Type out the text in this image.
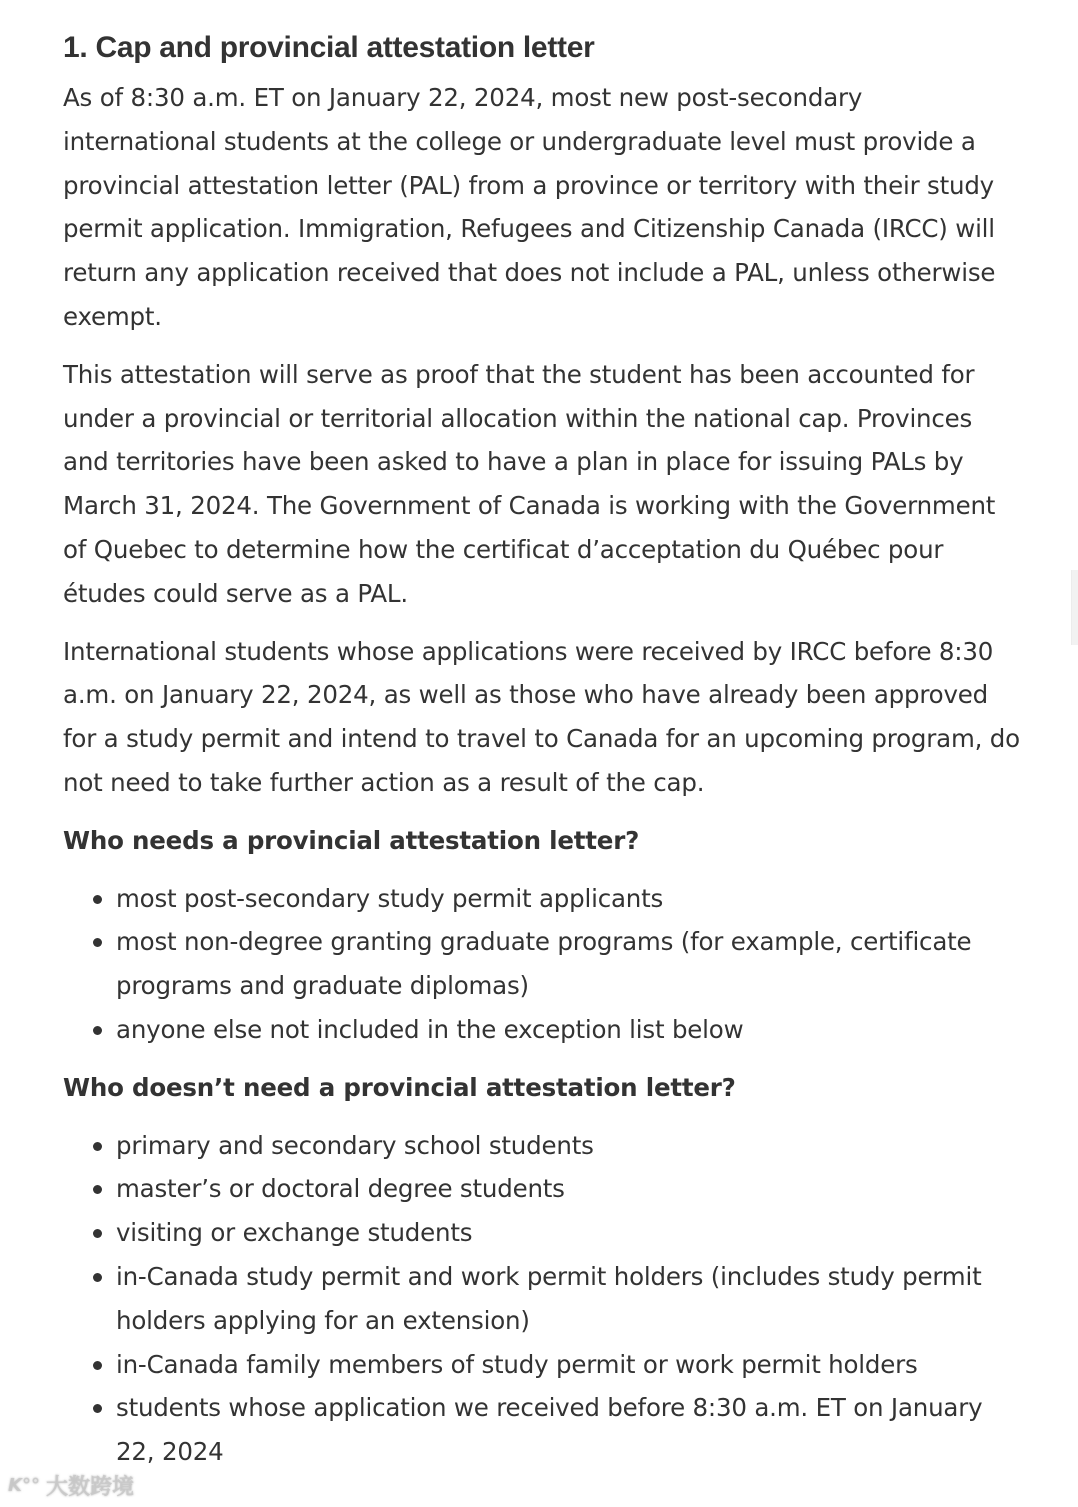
1. Cap and provincial attestation letter

As of 8:30 a.m. ET on January 22, 2024, most new post-secondary international students at the college or undergraduate level must provide a provincial attestation letter (PAL) from a province or territory with their study permit application. Immigration, Refugees and Citizenship Canada (IRCC) will return any application received that does not include a PAL, unless otherwise exempt.

This attestation will serve as proof that the student has been accounted for under a provincial or territorial allocation within the national cap. Provinces and territories have been asked to have a plan in place for issuing PALs by March 31, 2024. The Government of Canada is working with the Government of Quebec to determine how the certificat d’acceptation du Québec pour études could serve as a PAL.

International students whose applications were received by IRCC before 8:30 a.m. on January 22, 2024, as well as those who have already been approved for a study permit and intend to travel to Canada for an upcoming program, do not need to take further action as a result of the cap.

Who needs a provincial attestation letter?
most post-secondary study permit applicants
most non-degree granting graduate programs (for example, certificate programs and graduate diplomas)
anyone else not included in the exception list below
Who doesn’t need a provincial attestation letter?
primary and secondary school students
master’s or doctoral degree students
visiting or exchange students
in-Canada study permit and work permit holders (includes study permit holders applying for an extension)
in-Canada family members of study permit or work permit holders
students whose application we received before 8:30 a.m. ET on January 22, 2024
K°° 大数跨境
